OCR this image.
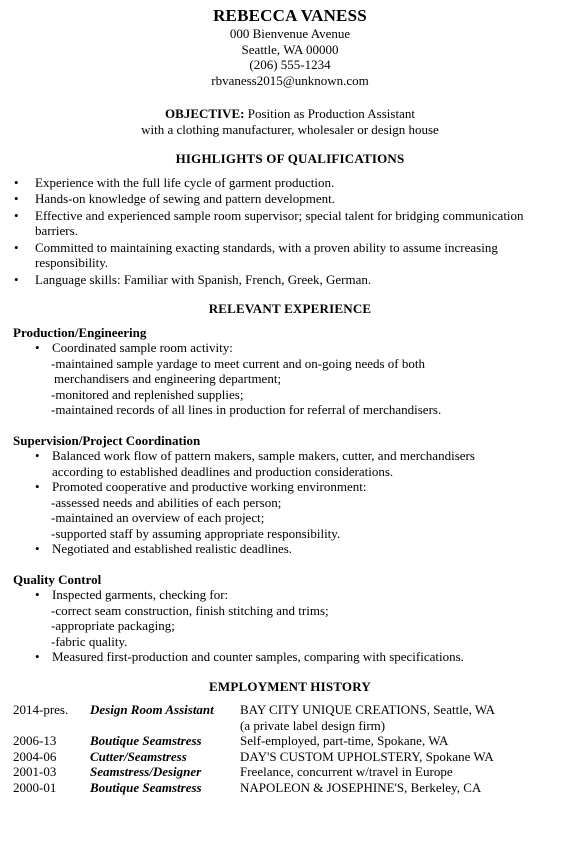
REBECCA VANESS
000 Bienvenue Avenue
Seattle, WA 00000
(206) 555-1234
rbvaness2015@unknown.com
OBJECTIVE: Position as Production Assistant
with a clothing manufacturer, wholesaler or design house
HIGHLIGHTS OF QUALIFICATIONS
• Experience with the full life cycle of garment production.
• Hands-on knowledge of sewing and pattern development.
• Effective and experienced sample room supervisor; special talent for bridging communication barriers.
• Committed to maintaining exacting standards, with a proven ability to assume increasing responsibility.
• Language skills: Familiar with Spanish, French, Greek, German.
RELEVANT EXPERIENCE
Production/Engineering
• Coordinated sample room activity:
-maintained sample yardage to meet current and on-going needs of both
merchandisers and engineering department;
-monitored and replenished supplies;
-maintained records of all lines in production for referral of merchandisers.
Supervision/Project Coordination
• Balanced work flow of pattern makers, sample makers, cutter, and merchandisers according to established deadlines and production considerations.
• Promoted cooperative and productive working environment:
-assessed needs and abilities of each person;
-maintained an overview of each project;
-supported staff by assuming appropriate responsibility.
• Negotiated and established realistic deadlines.
Quality Control
• Inspected garments, checking for:
-correct seam construction, finish stitching and trims;
-appropriate packaging;
-fabric quality.
• Measured first-production and counter samples, comparing with specifications.
EMPLOYMENT HISTORY
2014-pres.	Design Room Assistant	BAY CITY UNIQUE CREATIONS, Seattle, WA
(a private label design firm)

2006-13	Boutique Seamstress	Self-employed, part-time, Spokane, WA
2004-06	Cutter/Seamstress	DAY'S CUSTOM UPHOLSTERY, Spokane WA
2001-03	Seamstress/Designer	Freelance, concurrent w/travel in Europe
2000-01	Boutique Seamstress	NAPOLEON & JOSEPHINE'S, Berkeley, CA
